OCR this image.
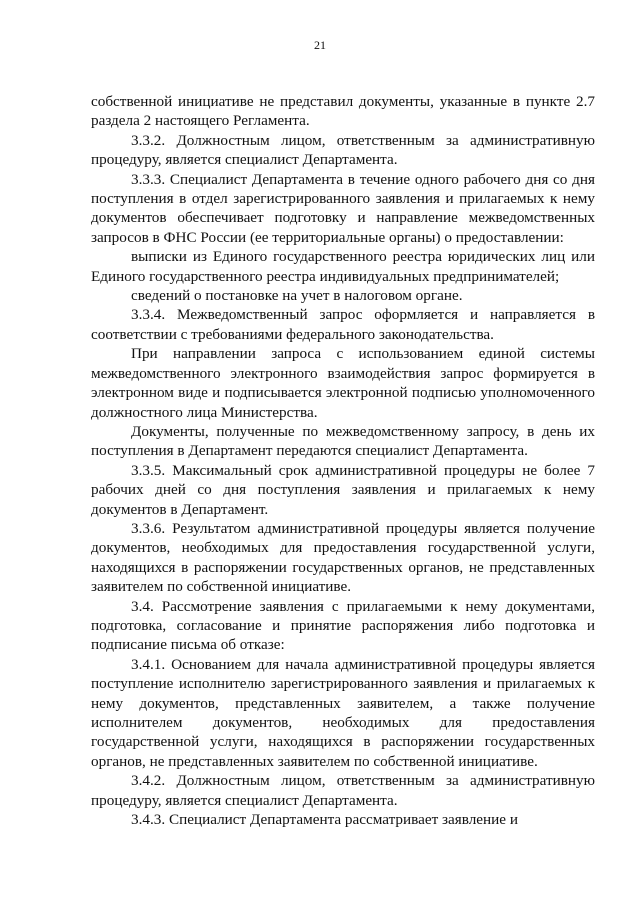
21

собственной инициативе не представил документы, указанные в пункте 2.7 раздела 2 настоящего Регламента.

3.3.2. Должностным лицом, ответственным за административную процедуру, является специалист Департамента.

3.3.3. Специалист Департамента в течение одного рабочего дня со дня поступления в отдел зарегистрированного заявления и прилагаемых к нему документов обеспечивает подготовку и направление межведомственных запросов в ФНС России (ее территориальные органы) о предоставлении:

выписки из Единого государственного реестра юридических лиц или Единого государственного реестра индивидуальных предпринимателей;

сведений о постановке на учет в налоговом органе.

3.3.4. Межведомственный запрос оформляется и направляется в соответствии с требованиями федерального законодательства.

При направлении запроса с использованием единой системы межведомственного электронного взаимодействия запрос формируется в электронном виде и подписывается электронной подписью уполномоченного должностного лица Министерства.

Документы, полученные по межведомственному запросу, в день их поступления в Департамент передаются специалист Департамента.

3.3.5. Максимальный срок административной процедуры не более 7 рабочих дней со дня поступления заявления и прилагаемых к нему документов в Департамент.

3.3.6. Результатом административной процедуры является получение документов, необходимых для предоставления государственной услуги, находящихся в распоряжении государственных органов, не представленных заявителем по собственной инициативе.

3.4. Рассмотрение заявления с прилагаемыми к нему документами, подготовка, согласование и принятие распоряжения либо подготовка и подписание письма об отказе:

3.4.1. Основанием для начала административной процедуры является поступление исполнителю зарегистрированного заявления и прилагаемых к нему документов, представленных заявителем, а также получение исполнителем документов, необходимых для предоставления государственной услуги, находящихся в распоряжении государственных органов, не представленных заявителем по собственной инициативе.

3.4.2. Должностным лицом, ответственным за административную процедуру, является специалист Департамента.

3.4.3. Специалист Департамента рассматривает заявление и
